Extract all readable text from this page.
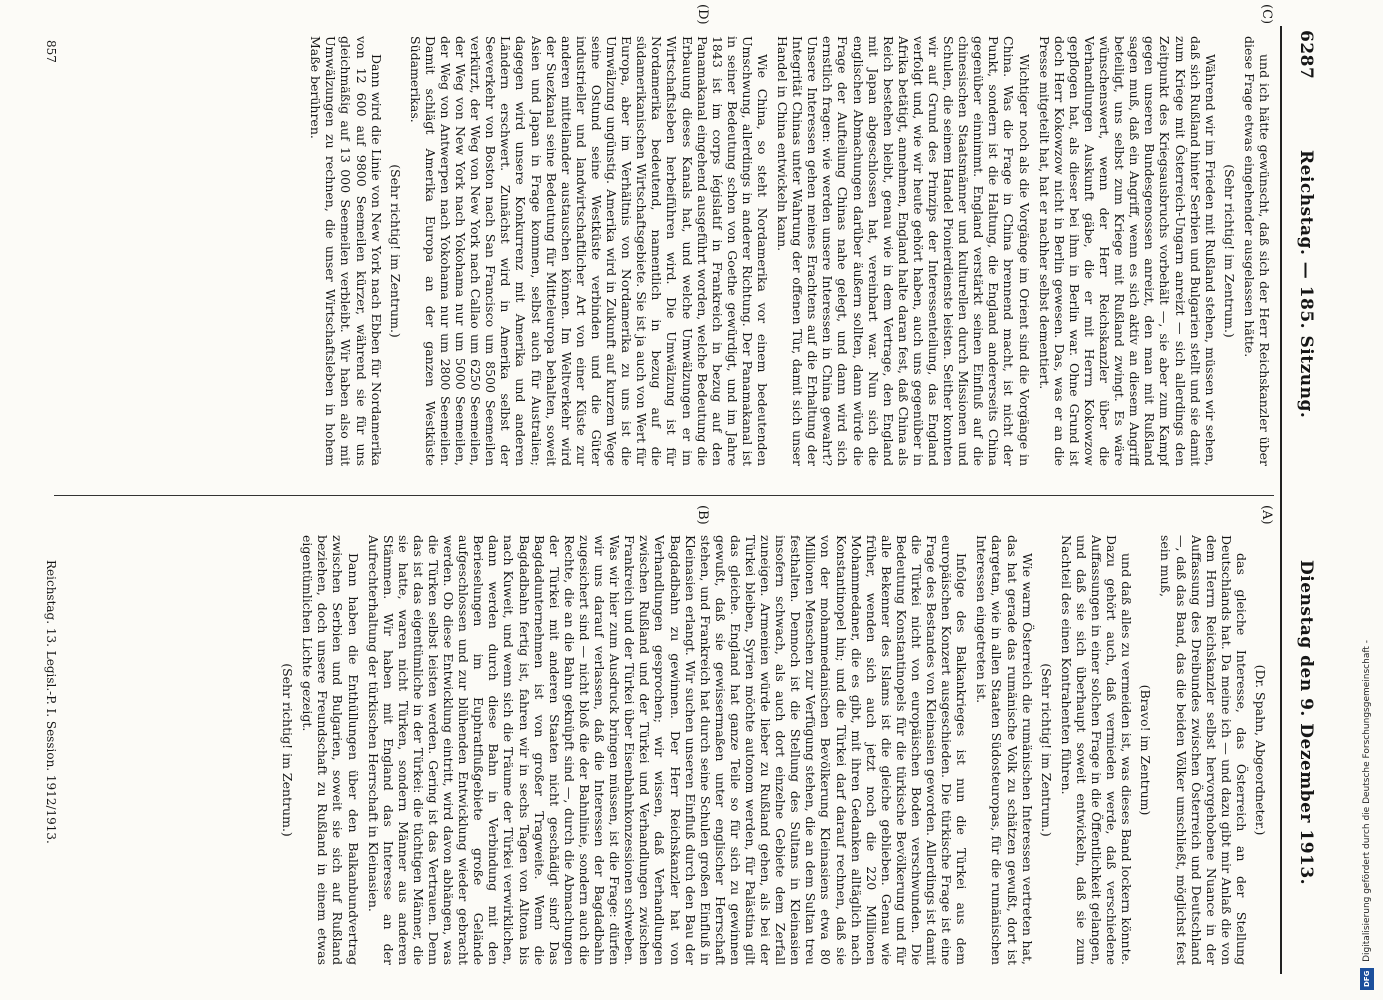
Reichstag. — 185. Sitzung.
Dienstag den 9. Dezember 1913.
6287
(A)
(B)
(C)
(D)

(Dr. Spahn, Abgeordneter.)

das gleiche Interesse, das Österreich an der Stellung Deutschlands hat. Da meine ich — und dazu gibt mir Anlaß die von dem Herrn Reichskanzler selbst hervorgehobene Nuance in der Auffassung des Dreibundes zwischen Österreich und Deutschland —, daß das Band, das die beiden Völker umschließt, möglichst fest sein muß,

(Bravo! im Zentrum)

und daß alles zu vermeiden ist, was dieses Band lockern könnte. Dazu gehört auch, daß vermieden werde, daß verschiedene Auffassungen in einer solchen Frage in die Öffentlichkeit gelangen, und daß sie sich überhaupt soweit entwickeln, daß sie zum Nachteil des einen Kontrahenten führen.

(Sehr richtig! im Zentrum.)

Wie warm Österreich die rumänischen Interessen vertreten hat, das hat gerade das rumänische Volk zu schätzen gewußt, dort ist dargetan, wie in allen Staaten Südosteuropas, für die rumänischen Interessen eingetreten ist.

Infolge des Balkankrieges ist nun die Türkei aus dem europäischen Konzert ausgeschieden. Die türkische Frage ist eine Frage des Bestandes von Kleinasien geworden. Allerdings ist damit die Türkei nicht von europäischen Boden verschwunden. Die Bedeutung Konstantinopels für die türkische Bevölkerung und für alle Bekenner des Islams ist die gleiche geblieben. Genau wie früher, wenden sich auch jetzt noch die 220 Millionen Mohammedaner, die es gibt, mit ihren Gedanken alltäglich nach Konstantinopel hin; und die Türkei darf darauf rechnen, daß sie von der mohammedanischen Bevölkerung Kleinasiens etwa 80 Millionen Menschen zur Verfügung stehen, die an dem Sultan treu festhalten. Dennoch ist die Stellung des Sultans in Kleinasien insofern schwach, als auch dort einzelne Gebiete dem Zerfall zuneigen. Armenien würde lieber zu Rußland gehen, als bei der Türkei bleiben, Syrien möchte autonom werden, für Palästina gilt das gleiche. England hat ganze Teile so für sich zu gewinnen gewußt, daß sie gewissermaßen unter englischer Herrschaft stehen, und Frankreich hat durch seine Schulen großen Einfluß in Kleinasien erlangt. Wir suchen unseren Einfluß durch den Bau der Bagdadbahn zu gewinnen. Der Herr Reichskanzler hat von Verhandlungen gesprochen; wir wissen, daß Verhandlungen zwischen Rußland und der Türkei und Verhandlungen zwischen Frankreich und der Türkei über Eisenbahnkonzessionen schweben. Was wir hier zum Ausdruck bringen müssen, ist die Frage: dürfen wir uns darauf verlassen, daß die Interessen der Bagdadbahn zugesichert sind — nicht bloß die der Bahnlinie, sondern auch die Rechte, die an die Bahn geknüpft sind —, durch die Abmachungen der Türkei mit anderen Staaten nicht geschädigt sind? Das Bagdadunternehmen ist von großer Tragweite. Wenn die Bagdadbahn fertig ist, fahren wir in sechs Tagen von Altona bis nach Kuweit, und wenn sich die Träume der Türkei verwirklichen, dann werden durch diese Bahn in Verbindung mit den Berieselungen im Euphratflußgebiete große Gelände aufgeschlossen und zur blühenden Entwicklung wieder gebracht werden. Ob diese Entwicklung eintritt, wird davon abhängen, was die Türken selbst leisten werden. Gering ist das Vertrauen. Denn das ist das eigentümliche in der Türkei: die tüchtigen Männer, die sie hatte, waren nicht Türken, sondern Männer aus anderen Stämmen. Wir haben mit England das Interesse an der Aufrechterhaltung der türkischen Herrschaft in Kleinasien.

Dann haben die Enthüllungen über den Balkanbundvertrag zwischen Serbien und Bulgarien, soweit sie sich auf Rußland beziehen, doch unsere Freundschaft zu Rußland in einem etwas eigentümlichen Lichte gezeigt.

(Sehr richtig! im Zentrum.)

und ich hätte gewünscht, daß sich der Herr Reichskanzler über diese Frage etwas eingehender ausgelassen hätte.

(Sehr richtig! im Zentrum.)

Während wir im Frieden mit Rußland stehen, müssen wir sehen, daß sich Rußland hinter Serbien und Bulgarien stellt und sie damit zum Kriege mit Österreich-Ungarn anreizt — sich allerdings den Zeitpunkt des Kriegsausbruchs vorbehält —, sie aber zum Kampf gegen unseren Bundesgenossen anreizt, den man mit Rußland sagen muß, daß ein Angriff, wenn es sich aktiv an diesem Angriff beteiligt, uns selbst zum Kriege mit Rußland zwingt. Es wäre wünschenswert, wenn der Herr Reichskanzler über die Verhandlungen Auskunft gäbe, die er mit Herrn Kokowzow gepflogen hat, als dieser bei ihm in Berlin war. Ohne Grund ist doch Herr Kokowzow nicht in Berlin gewesen. Das, was er an die Presse mitgeteilt hat, hat er nachher selbst dementiert.

Wichtiger noch als die Vorgänge im Orient sind die Vorgänge in China. Was die Frage in China brennend macht, ist nicht der Punkt, sondern ist die Haltung, die England andererseits China gegenüber einnimmt. England verstärkt seinen Einfluß auf die chinesischen Staatsmänner und kulturellen durch Missionen und Schulen, die seinem Handel Pionierdienste leisten. Seither konnten wir auf Grund des Prinzips der Interessenteilung, das England verfolgt und, wie wir heute gehört haben, auch uns gegenüber in Afrika betätigt, annehmen, England halte daran fest, daß China als Reich bestehen bleibt, genau wie in dem Vertrage, den England mit Japan abgeschlossen hat, vereinbart war. Nun sich die englischen Abmachungen darüber äußern sollten, dann würde die Frage der Aufteilung Chinas nahe gelegt, und dann wird sich ernstlich fragen: wie werden unsere Interessen in China gewahrt? Unsere Interessen gehen meines Erachtens auf die Erhaltung der Integrität Chinas unter Wahrung der offenen Tür, damit sich unser Handel in China entwickeln kann.

Wie China, so steht Nordamerika vor einem bedeutenden Umschwung, allerdings in anderer Richtung. Der Panamakanal ist in seiner Bedeutung schon von Goethe gewürdigt, und im Jahre 1843 ist im corps législatif in Frankreich in bezug auf den Panamakanal eingehend ausgeführt worden, welche Bedeutung die Erbauung dieses Kanals hat, und welche Umwälzungen er im Wirtschaftsleben herbeiführen wird. Die Umwälzung ist für Nordamerika bedeutend, namentlich in bezug auf die südamerikanischen Wirtschaftsgebiete. Sie ist ja auch von Wert für Europa, aber im Verhältnis von Nordamerika zu uns ist die Umwälzung ungünstig. Amerika wird in Zukunft auf kurzem Wege seine Ostund seine Westküste verbinden und die Güter industrieller und landwirtschaftlicher Art von einer Küste zur anderen mitteilander austauschen können. Im Weltverkehr wird der Suezkanal seine Bedeutung für Mitteleuropa behalten, soweit Asien und Japan in Frage kommen, selbst auch für Australien; dagegen wird unsere Konkurrenz mit Amerika und anderen Ländern erschwert. Zunächst wird in Amerika selbst der Seeverkehr von Boston nach San Francisco um 8500 Seemeilen verkürzt, der Weg von New York nach Callao um 6250 Seemeilen, der Weg von New York nach Yokohama nur um 5000 Seemeilen, der Weg von Antwerpen nach Yokohama nur um 2800 Seemeilen. Damit schlägt Amerika Europa an der ganzen Westküste Südamerikas.

(Sehr richtig! im Zentrum.)

Dann wird die Linie von New York nach Ebben für Nordamerika von 12 600 auf 9800 Seemeilen kürzer, während sie für uns gleichmäßig auf 13 000 Seemeilen verbleibt. Wir haben also mit Umwälzungen zu rechnen, die unser Wirtschaftsleben in hohem Maße berühren.

Reichstag. 13. Legisl.-P. I. Session. 1912/1913.
857
Digitalisierung gefördert durch die Deutsche Forschungsgemeinschaft -
DFG
